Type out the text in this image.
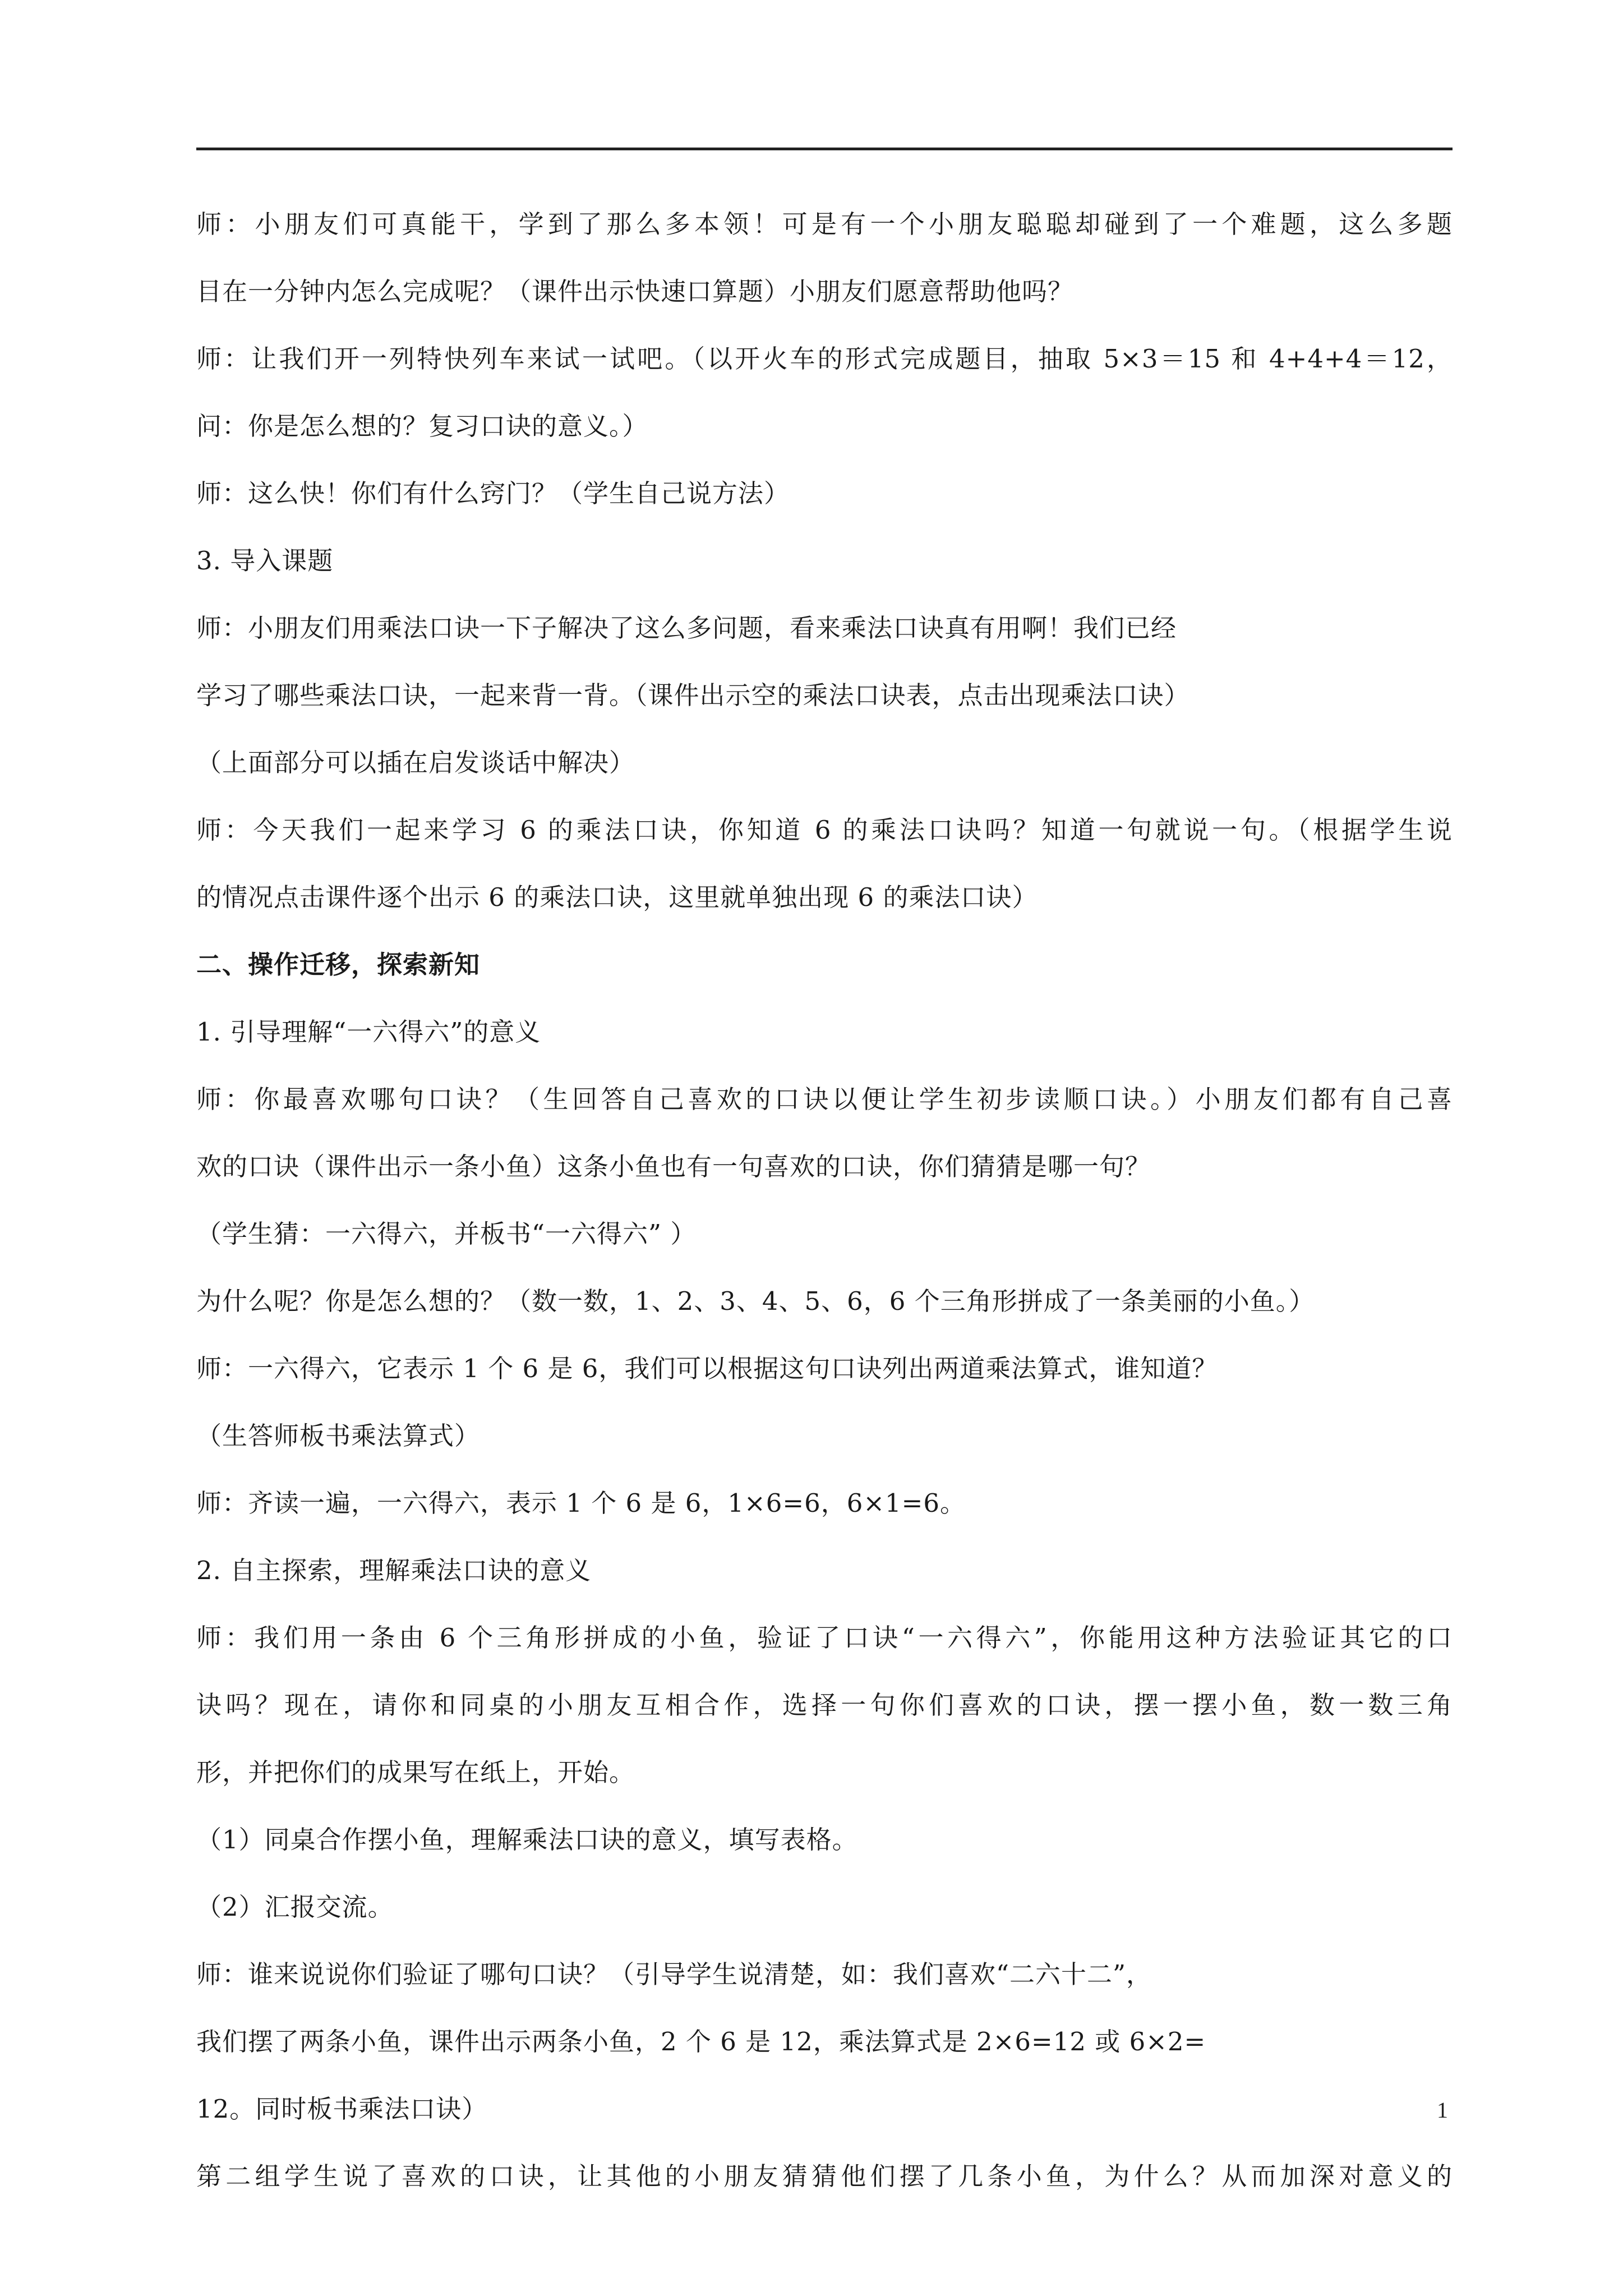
师：小朋友们可真能干，学到了那么多本领！可是有一个小朋友聪聪却碰到了一个难题，这么多题
目在一分钟内怎么完成呢？（课件出示快速口算题）小朋友们愿意帮助他吗？
师：让我们开一列特快列车来试一试吧。（以开火车的形式完成题目，抽取 5×3＝15 和 4+4+4＝12，
问：你是怎么想的？复习口诀的意义。）
师：这么快！你们有什么窍门？（学生自己说方法）
3. 导入课题
师：小朋友们用乘法口诀一下子解决了这么多问题，看来乘法口诀真有用啊！我们已经
学习了哪些乘法口诀，一起来背一背。（课件出示空的乘法口诀表，点击出现乘法口诀）
（上面部分可以插在启发谈话中解决）
师：今天我们一起来学习 6 的乘法口诀，你知道 6 的乘法口诀吗？知道一句就说一句。（根据学生说
的情况点击课件逐个出示 6 的乘法口诀，这里就单独出现 6 的乘法口诀）
二、操作迁移，探索新知
1. 引导理解“一六得六”的意义
师：你最喜欢哪句口诀？（生回答自己喜欢的口诀以便让学生初步读顺口诀。）小朋友们都有自己喜
欢的口诀（课件出示一条小鱼）这条小鱼也有一句喜欢的口诀，你们猜猜是哪一句？
（学生猜：一六得六，并板书“一六得六” ）
为什么呢？你是怎么想的？（数一数，1、2、3、4、5、6，6 个三角形拼成了一条美丽的小鱼。）
师：一六得六，它表示 1 个 6 是 6，我们可以根据这句口诀列出两道乘法算式，谁知道？
（生答师板书乘法算式）
师：齐读一遍，一六得六，表示 1 个 6 是 6，1×6=6，6×1=6。
2. 自主探索，理解乘法口诀的意义
师：我们用一条由 6 个三角形拼成的小鱼，验证了口诀“一六得六”，你能用这种方法验证其它的口
诀吗？现在，请你和同桌的小朋友互相合作，选择一句你们喜欢的口诀，摆一摆小鱼，数一数三角
形，并把你们的成果写在纸上，开始。
（1）同桌合作摆小鱼，理解乘法口诀的意义，填写表格。
（2）汇报交流。
师：谁来说说你们验证了哪句口诀？（引导学生说清楚，如：我们喜欢“二六十二”，
我们摆了两条小鱼，课件出示两条小鱼，2 个 6 是 12，乘法算式是 2×6=12 或 6×2=
12。同时板书乘法口诀）
第二组学生说了喜欢的口诀，让其他的小朋友猜猜他们摆了几条小鱼，为什么？从而加深对意义的
1
